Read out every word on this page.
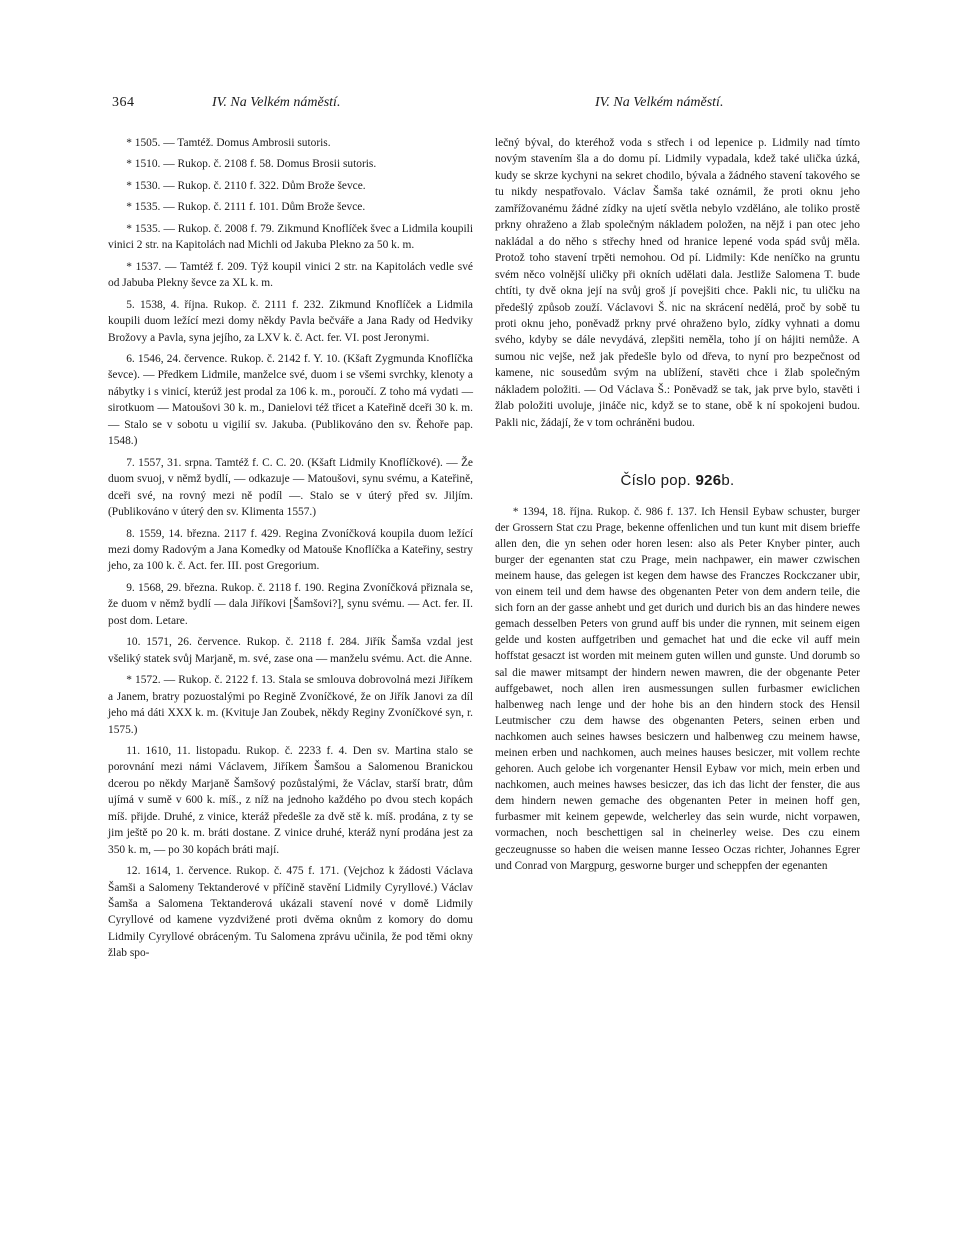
364	IV. Na Velkém náměstí.	IV. Na Velkém náměstí.

* 1505. — Tamtéž. Domus Ambrosii sutoris.

* 1510. — Rukop. č. 2108 f. 58. Domus Brosii sutoris.

* 1530. — Rukop. č. 2110 f. 322. Dům Brože ševce.

* 1535. — Rukop. č. 2111 f. 101. Dům Brože ševce.

* 1535. — Rukop. č. 2008 f. 79. Zikmund Knoflíček švec a Lidmila koupili vinici 2 str. na Kapitolách nad Michli od Jakuba Plekno za 50 k. m.

* 1537. — Tamtéž f. 209. Týž koupil vinici 2 str. na Kapitolách vedle své od Jabuba Plekny ševce za XL k. m.

5. 1538, 4. října. Rukop. č. 2111 f. 232. Zikmund Knoflíček a Lidmila koupili duom ležící mezi domy někdy Pavla bečváře a Jana Rady od Hedviky Brožovy a Pavla, syna jejího, za LXV k. č. Act. fer. VI. post Jeronymi.

6. 1546, 24. července. Rukop. č. 2142 f. Y. 10. (Kšaft Zygmunda Knoflíčka ševce). — Předkem Lidmile, manželce své, duom i se všemi svrchky, klenoty a nábytky i s vinicí, kterúž jest prodal za 106 k. m., poroučí. Z toho má vydati — sirotkuom — Matoušovi 30 k. m., Danielovi též třicet a Kateřině dceři 30 k. m. — Stalo se v sobotu u vigilií sv. Jakuba. (Publikováno den sv. Řehoře pap. 1548.)

7. 1557, 31. srpna. Tamtéž f. C. C. 20. (Kšaft Lidmily Knoflíčkové). — Že duom svuoj, v němž bydlí, — odkazuje — Matoušovi, synu svému, a Kateřině, dceři své, na rovný mezi ně podíl —. Stalo se v úterý před sv. Jiljím. (Publikováno v úterý den sv. Klimenta 1557.)

8. 1559, 14. března. 2117 f. 429. Regina Zvoníčková koupila duom ležící mezi domy Radovým a Jana Komedky od Matouše Knoflíčka a Kateřiny, sestry jeho, za 100 k. č. Act. fer. III. post Gregorium.

9. 1568, 29. března. Rukop. č. 2118 f. 190. Regina Zvoníčková přiznala se, že duom v němž bydlí — dala Jiříkovi [Šamšovi?], synu svému. — Act. fer. II. post dom. Letare.

10. 1571, 26. července. Rukop. č. 2118 f. 284. Jiřík Šamša vzdal jest všeliký statek svůj Marjaně, m. své, zase ona — manželu svému. Act. die Anne.

* 1572. — Rukop. č. 2122 f. 13. Stala se smlouva dobrovolná mezi Jiříkem a Janem, bratry pozuostalými po Regině Zvoníčkové, že on Jiřík Janovi za díl jeho má dáti XXX k. m. (Kvituje Jan Zoubek, někdy Reginy Zvoníčkové syn, r. 1575.)

11. 1610, 11. listopadu. Rukop. č. 2233 f. 4. Den sv. Martina stalo se porovnání mezi námi Václavem, Jiříkem Šamšou a Salomenou Branickou dcerou po někdy Marjaně Šamšový pozůstalými, že Václav, starší bratr, dům ujímá v sumě v 600 k. míš., z níž na jednoho každého po dvou stech kopách míš. přijde. Druhé, z vinice, kteráž předešle za dvě stě k. míš. prodána, z ty se jim ještě po 20 k. m. bráti dostane. Z vinice druhé, kteráž nyní prodána jest za 350 k. m, — po 30 kopách bráti mají.

12. 1614, 1. července. Rukop. č. 475 f. 171. (Vejchoz k žádosti Václava Šamši a Salomeny Tektanderové v příčině stavění Lidmily Cyryllové.) Václav Šamša a Salomena Tektanderová ukázali stavení nové v domě Lidmily Cyryllové od kamene vyzdvižené proti dvěma oknům z komory do domu Lidmily Cyryllové obráceným. Tu Salomena zprávu učinila, že pod těmi okny žlab spo-

lečný býval, do kteréhož voda s střech i od lepenice p. Lidmily nad tímto novým stavením šla a do domu pí. Lidmily vypadala, kdež také ulička úzká, kudy se skrze kychyni na sekret chodilo, bývala a žádného stavení takového se tu nikdy nespatřovalo. Václav Šamša také oznámil, že proti oknu jeho zamřížovanému žádné zídky na ujetí světla nebylo vzděláno, ale toliko prostě prkny ohraženo a žlab společným nákladem položen, na nějž i pan otec jeho nakládal a do něho s střechy hned od hranice lepené voda spád svůj měla. Protož toho stavení trpěti nemohou. Od pí. Lidmily: Kde neníčko na gruntu svém něco volnější uličky při okních udělati dala. Jestliže Salomena T. bude chtíti, ty dvě okna její na svůj groš jí povejšiti chce. Pakli nic, tu uličku na předešlý způsob zouží. Václavovi Š. nic na skrácení nedělá, proč by sobě tu proti oknu jeho, poněvadž prkny prvé ohraženo bylo, zídky vyhnati a domu svého, kdyby se dále nevydává, zlepšiti neměla, toho jí on hájiti nemůže. A sumou nic vejše, než jak předešle bylo od dřeva, to nyní pro bezpečnost od kamene, nic sousedům svým na ublížení, stavěti chce i žlab společným nákladem položiti. — Od Václava Š.: Poněvadž se tak, jak prve bylo, stavěti i žlab položiti uvoluje, jináče nic, když se to stane, obě k ní spokojeni budou. Pakli nic, žádají, že v tom ochráněni budou.

Číslo pop. 926b.

* 1394, 18. října. Rukop. č. 986 f. 137. Ich Hensil Eybaw schuster, burger der Grossern Stat czu Prage, bekenne offenlichen und tun kunt mit disem brieffe allen den, die yn sehen oder horen lesen: also als Peter Knyber pinter, auch burger der egenanten stat czu Prage, mein nachpawer, ein mawer czwischen meinem hause, das gelegen ist kegen dem hawse des Franczes Rockczaner ubir, von einem teil und dem hawse des obgenanten Peter von dem andern teile, die sich forn an der gasse anhebt und get durich und durich bis an das hindere newes gemach desselben Peters von grund auff bis under die rynnen, mit seinem eigen gelde und kosten auffgetriben und gemachet hat und die ecke vil auff mein hoffstat gesaczt ist worden mit meinem guten willen und gunste. Und dorumb so sal die mawer mitsampt der hindern newen mawren, die der obgenante Peter auffgebawet, noch allen iren ausmessungen sullen furbasmer ewiclichen halbenweg nach lenge und der hohe bis an den hindern stock des Hensil Leutmischer czu dem hawse des obgenanten Peters, seinen erben und nachkomen auch seines hawses besiczern und halbenweg czu meinem hawse, meinen erben und nachkomen, auch meines hauses besiczer, mit vollem rechte gehoren. Auch gelobe ich vorgenanter Hensil Eybaw vor mich, mein erben und nachkomen, auch meines hawses besiczer, das ich das licht der fenster, die aus dem hindern newen gemache des obgenanten Peter in meinen hoff gen, furbasmer mit keinem gepewde, welcherley das sein wurde, nicht vorpawen, vormachen, noch beschettigen sal in cheinerley weise. Des czu einem geczeugnusse so haben die weisen manne Iesseo Oczas richter, Johannes Egrer und Conrad von Margpurg, gesworne burger und scheppfen der egenanten
